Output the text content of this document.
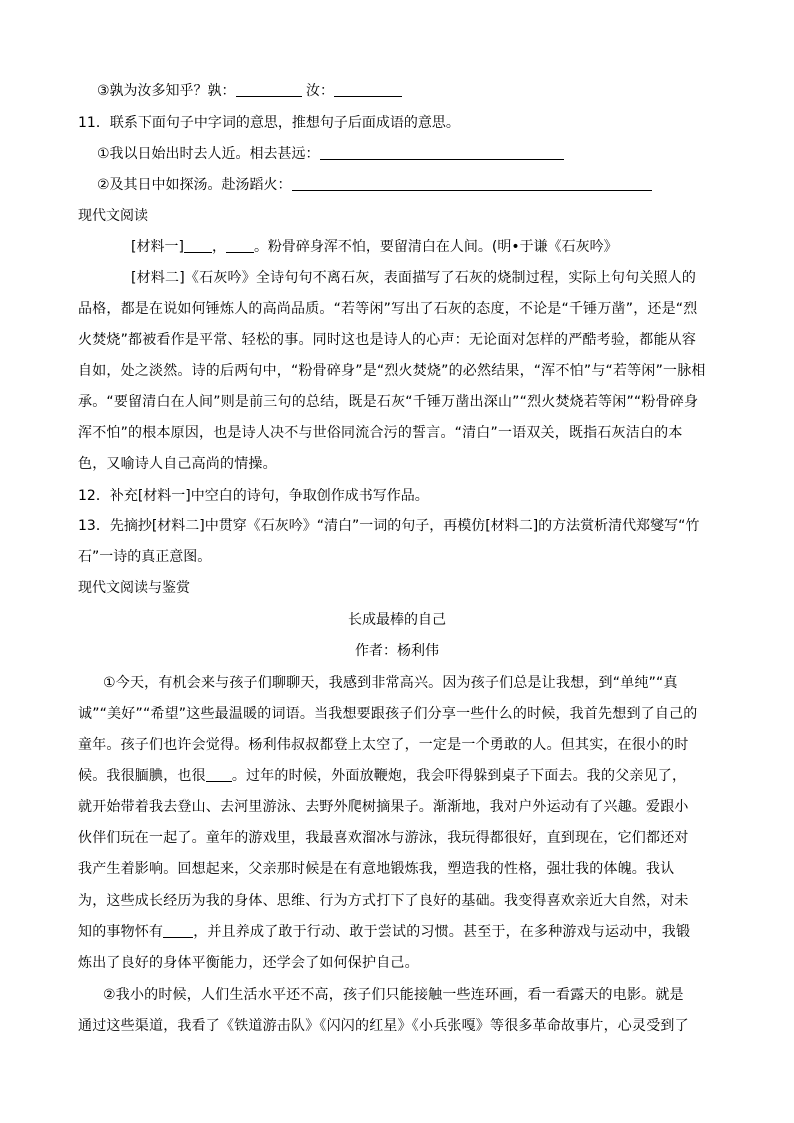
③孰为汝多知乎？孰：	汝：
11．联系下面句子中字词的意思，推想句子后面成语的意思。
①我以日始出时去人近。相去甚远：
②及其日中如探汤。赴汤蹈火：
现代文阅读
[材料一] ， 。粉骨碎身浑不怕，要留清白在人间。(明•于谦《石灰吟》
[材料二]《石灰吟》全诗句句不离石灰，表面描写了石灰的烧制过程，实际上句句关照人的
品格，都是在说如何锤炼人的高尚品质。“若等闲”写出了石灰的态度，不论是“千锤万凿”，还是“烈
火焚烧”都被看作是平常、轻松的事。同时这也是诗人的心声：无论面对怎样的严酷考验，都能从容
自如，处之淡然。诗的后两句中，“粉骨碎身”是“烈火焚烧”的必然结果，“浑不怕”与“若等闲”一脉相
承。“要留清白在人间”则是前三句的总结，既是石灰“千锤万凿出深山”“烈火焚烧若等闲”“粉骨碎身
浑不怕”的根本原因，也是诗人决不与世俗同流合污的誓言。“清白”一语双关，既指石灰洁白的本
色，又喻诗人自己高尚的情操。
12．补充[材料一]中空白的诗句，争取创作成书写作品。
13．先摘抄[材料二]中贯穿《石灰吟》“清白”一词的句子，再模仿[材料二]的方法赏析清代郑燮写“竹
石”一诗的真正意图。
现代文阅读与鉴赏
长成最棒的自己
作者：杨利伟
①今天，有机会来与孩子们聊聊天，我感到非常高兴。因为孩子们总是让我想，到“单纯”“真
诚”“美好”“希望”这些最温暖的词语。当我想要跟孩子们分享一些什么的时候，我首先想到了自己的
童年。孩子们也许会觉得。杨利伟叔叔都登上太空了，一定是一个勇敢的人。但其实，在很小的时
候。我很腼腆，也很 。过年的时候，外面放鞭炮，我会吓得躲到桌子下面去。我的父亲见了，
就开始带着我去登山、去河里游泳、去野外爬树摘果子。渐渐地，我对户外运动有了兴趣。爱跟小
伙伴们玩在一起了。童年的游戏里，我最喜欢溜冰与游泳，我玩得都很好，直到现在，它们都还对
我产生着影响。回想起来，父亲那时候是在有意地锻炼我，塑造我的性格，强壮我的体魄。我认
为，这些成长经历为我的身体、思维、行为方式打下了良好的基础。我变得喜欢亲近大自然，对未
知的事物怀有 ，并且养成了敢于行动、敢于尝试的习惯。甚至于，在多种游戏与运动中，我锻
炼出了良好的身体平衡能力，还学会了如何保护自己。
②我小的时候，人们生活水平还不高，孩子们只能接触一些连环画，看一看露天的电影。就是
通过这些渠道，我看了《铁道游击队》《闪闪的红星》《小兵张嘎》等很多革命故事片，心灵受到了
